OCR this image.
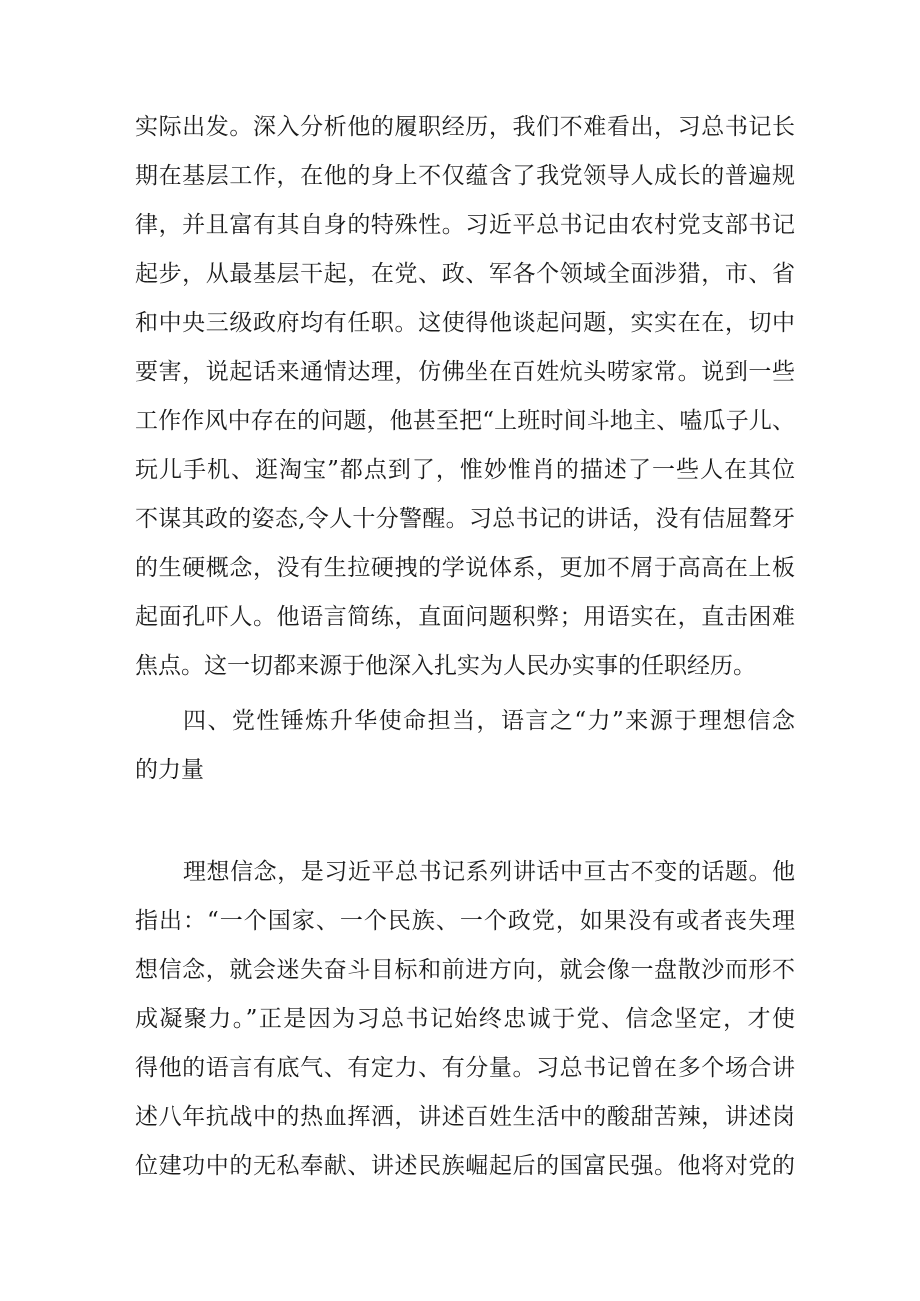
实际出发。深入分析他的履职经历，我们不难看出，习总书记长
期在基层工作，在他的身上不仅蕴含了我党领导人成长的普遍规
律，并且富有其自身的特殊性。习近平总书记由农村党支部书记
起步，从最基层干起，在党、政、军各个领域全面涉猎，市、省
和中央三级政府均有任职。这使得他谈起问题，实实在在，切中
要害，说起话来通情达理，仿佛坐在百姓炕头唠家常。说到一些
工作作风中存在的问题，他甚至把“上班时间斗地主、嗑瓜子儿、
玩儿手机、逛淘宝”都点到了，惟妙惟肖的描述了一些人在其位
不谋其政的姿态,令人十分警醒。习总书记的讲话，没有佶屈聱牙
的生硬概念，没有生拉硬拽的学说体系，更加不屑于高高在上板
起面孔吓人。他语言简练，直面问题积弊；用语实在，直击困难
焦点。这一切都来源于他深入扎实为人民办实事的任职经历。
四、党性锤炼升华使命担当，语言之“力”来源于理想信念
的力量
理想信念，是习近平总书记系列讲话中亘古不变的话题。他
指出：“一个国家、一个民族、一个政党，如果没有或者丧失理
想信念，就会迷失奋斗目标和前进方向，就会像一盘散沙而形不
成凝聚力。”正是因为习总书记始终忠诚于党、信念坚定，才使
得他的语言有底气、有定力、有分量。习总书记曾在多个场合讲
述八年抗战中的热血挥洒，讲述百姓生活中的酸甜苦辣，讲述岗
位建功中的无私奉献、讲述民族崛起后的国富民强。他将对党的
